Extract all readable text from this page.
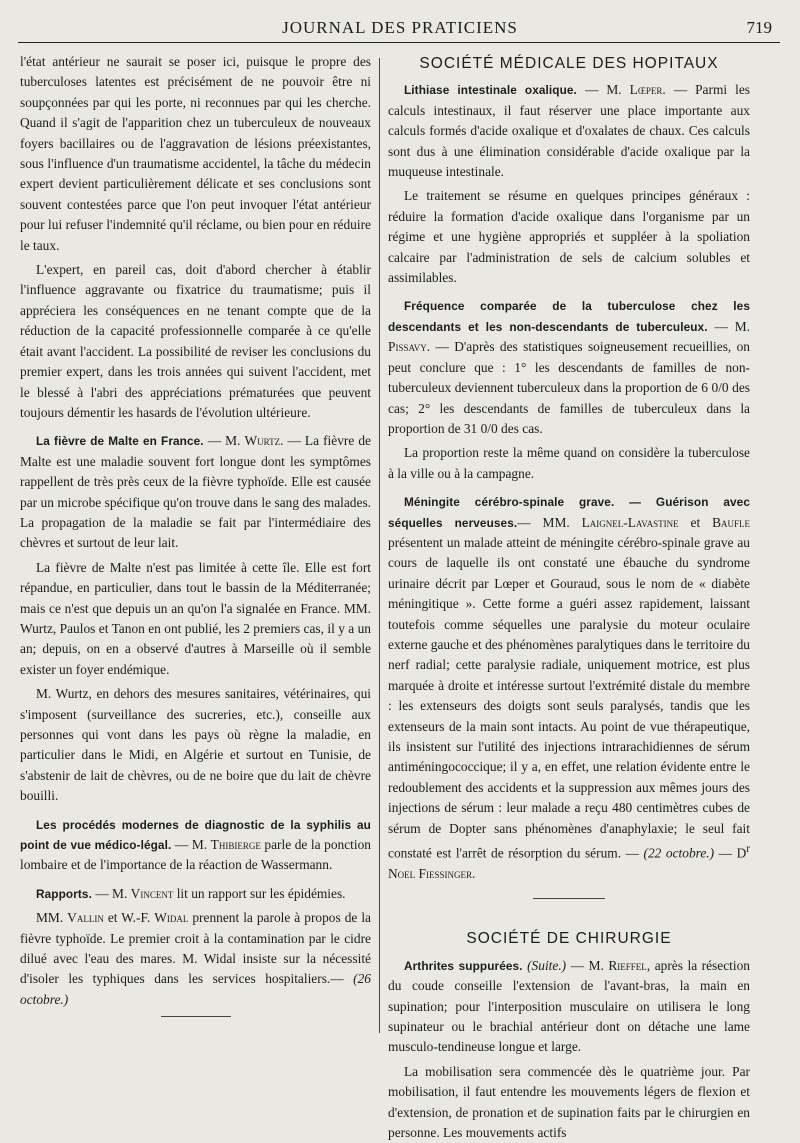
JOURNAL DES PRATICIENS	719

l'état antérieur ne saurait se poser ici, puisque le propre des tuberculoses latentes est précisément de ne pouvoir être ni soupçonnées par qui les porte, ni reconnues par qui les cherche. Quand il s'agit de l'apparition chez un tuberculeux de nouveaux foyers bacillaires ou de l'aggravation de lésions préexistantes, sous l'influence d'un traumatisme accidentel, la tâche du médecin expert devient particulièrement délicate et ses conclusions sont souvent contestées parce que l'on peut invoquer l'état antérieur pour lui refuser l'indemnité qu'il réclame, ou bien pour en réduire le taux.

L'expert, en pareil cas, doit d'abord chercher à établir l'influence aggravante ou fixatrice du traumatisme; puis il appréciera les conséquences en ne tenant compte que de la réduction de la capacité professionnelle comparée à ce qu'elle était avant l'accident. La possibilité de reviser les conclusions du premier expert, dans les trois années qui suivent l'accident, met le blessé à l'abri des appréciations prématurées que peuvent toujours démentir les hasards de l'évolution ultérieure.

La fièvre de Malte en France. — M. Wurtz. — La fièvre de Malte est une maladie souvent fort longue dont les symptômes rappellent de très près ceux de la fièvre typhoïde. Elle est causée par un microbe spécifique qu'on trouve dans le sang des malades. La propagation de la maladie se fait par l'intermédiaire des chèvres et surtout de leur lait.

La fièvre de Malte n'est pas limitée à cette île. Elle est fort répandue, en particulier, dans tout le bassin de la Méditerranée; mais ce n'est que depuis un an qu'on l'a signalée en France. MM. Wurtz, Paulos et Tanon en ont publié, les 2 premiers cas, il y a un an; depuis, on en a observé d'autres à Marseille où il semble exister un foyer endémique.

M. Wurtz, en dehors des mesures sanitaires, vétérinaires, qui s'imposent (surveillance des sucreries, etc.), conseille aux personnes qui vont dans les pays où règne la maladie, en particulier dans le Midi, en Algérie et surtout en Tunisie, de s'abstenir de lait de chèvres, ou de ne boire que du lait de chèvre bouilli.

Les procédés modernes de diagnostic de la syphilis au point de vue médico-légal. — M. Thibierge parle de la ponction lombaire et de l'importance de la réaction de Wassermann.

Rapports. — M. Vincent lit un rapport sur les épidémies.

MM. Vallin et W.-F. Widal prennent la parole à propos de la fièvre typhoïde. Le premier croit à la contamination par le cidre dilué avec l'eau des mares. M. Widal insiste sur la nécessité d'isoler les typhiques dans les services hospitaliers.— (26 octobre.)

SOCIÉTÉ MÉDICALE DES HOPITAUX

Lithiase intestinale oxalique. — M. Lœper. — Parmi les calculs intestinaux, il faut réserver une place importante aux calculs formés d'acide oxalique et d'oxalates de chaux. Ces calculs sont dus à une élimination considérable d'acide oxalique par la muqueuse intestinale.

Le traitement se résume en quelques principes généraux : réduire la formation d'acide oxalique dans l'organisme par un régime et une hygiène appropriés et suppléer à la spoliation calcaire par l'administration de sels de calcium solubles et assimilables.

Fréquence comparée de la tuberculose chez les descendants et les non-descendants de tuberculeux. — M. Pissavy. — D'après des statistiques soigneusement recueillies, on peut conclure que : 1° les descendants de familles de non-tuberculeux deviennent tuberculeux dans la proportion de 6 0/0 des cas; 2° les descendants de familles de tuberculeux dans la proportion de 31 0/0 des cas.

La proportion reste la même quand on considère la tuberculose à la ville ou à la campagne.

Méningite cérébro-spinale grave. — Guérison avec séquelles nerveuses.— MM. Laignel-Lavastine et Baufle présentent un malade atteint de méningite cérébro-spinale grave au cours de laquelle ils ont constaté une ébauche du syndrome urinaire décrit par Lœper et Gouraud, sous le nom de « diabète méningitique ». Cette forme a guéri assez rapidement, laissant toutefois comme séquelles une paralysie du moteur oculaire externe gauche et des phénomènes paralytiques dans le territoire du nerf radial; cette paralysie radiale, uniquement motrice, est plus marquée à droite et intéresse surtout l'extrémité distale du membre : les extenseurs des doigts sont seuls paralysés, tandis que les extenseurs de la main sont intacts. Au point de vue thérapeutique, ils insistent sur l'utilité des injections intrarachidiennes de sérum antiméningococcique; il y a, en effet, une relation évidente entre le redoublement des accidents et la suppression aux mêmes jours des injections de sérum : leur malade a reçu 480 centimètres cubes de sérum de Dopter sans phénomènes d'anaphylaxie; le seul fait constaté est l'arrêt de résorption du sérum. — (22 octobre.) — $D^r$ Noel Fiessinger.

SOCIÉTÉ DE CHIRURGIE

Arthrites suppurées. (Suite.) — M. Rieffel, après la résection du coude conseille l'extension de l'avant-bras, la main en supination; pour l'interposition musculaire on utilisera le long supinateur ou le brachial antérieur dont on détache une lame musculo-tendineuse longue et large.

La mobilisation sera commencée dès le quatrième jour. Par mobilisation, il faut entendre les mouvements légers de flexion et d'extension, de pronation et de supination faits par le chirurgien en personne. Les mouvements actifs
